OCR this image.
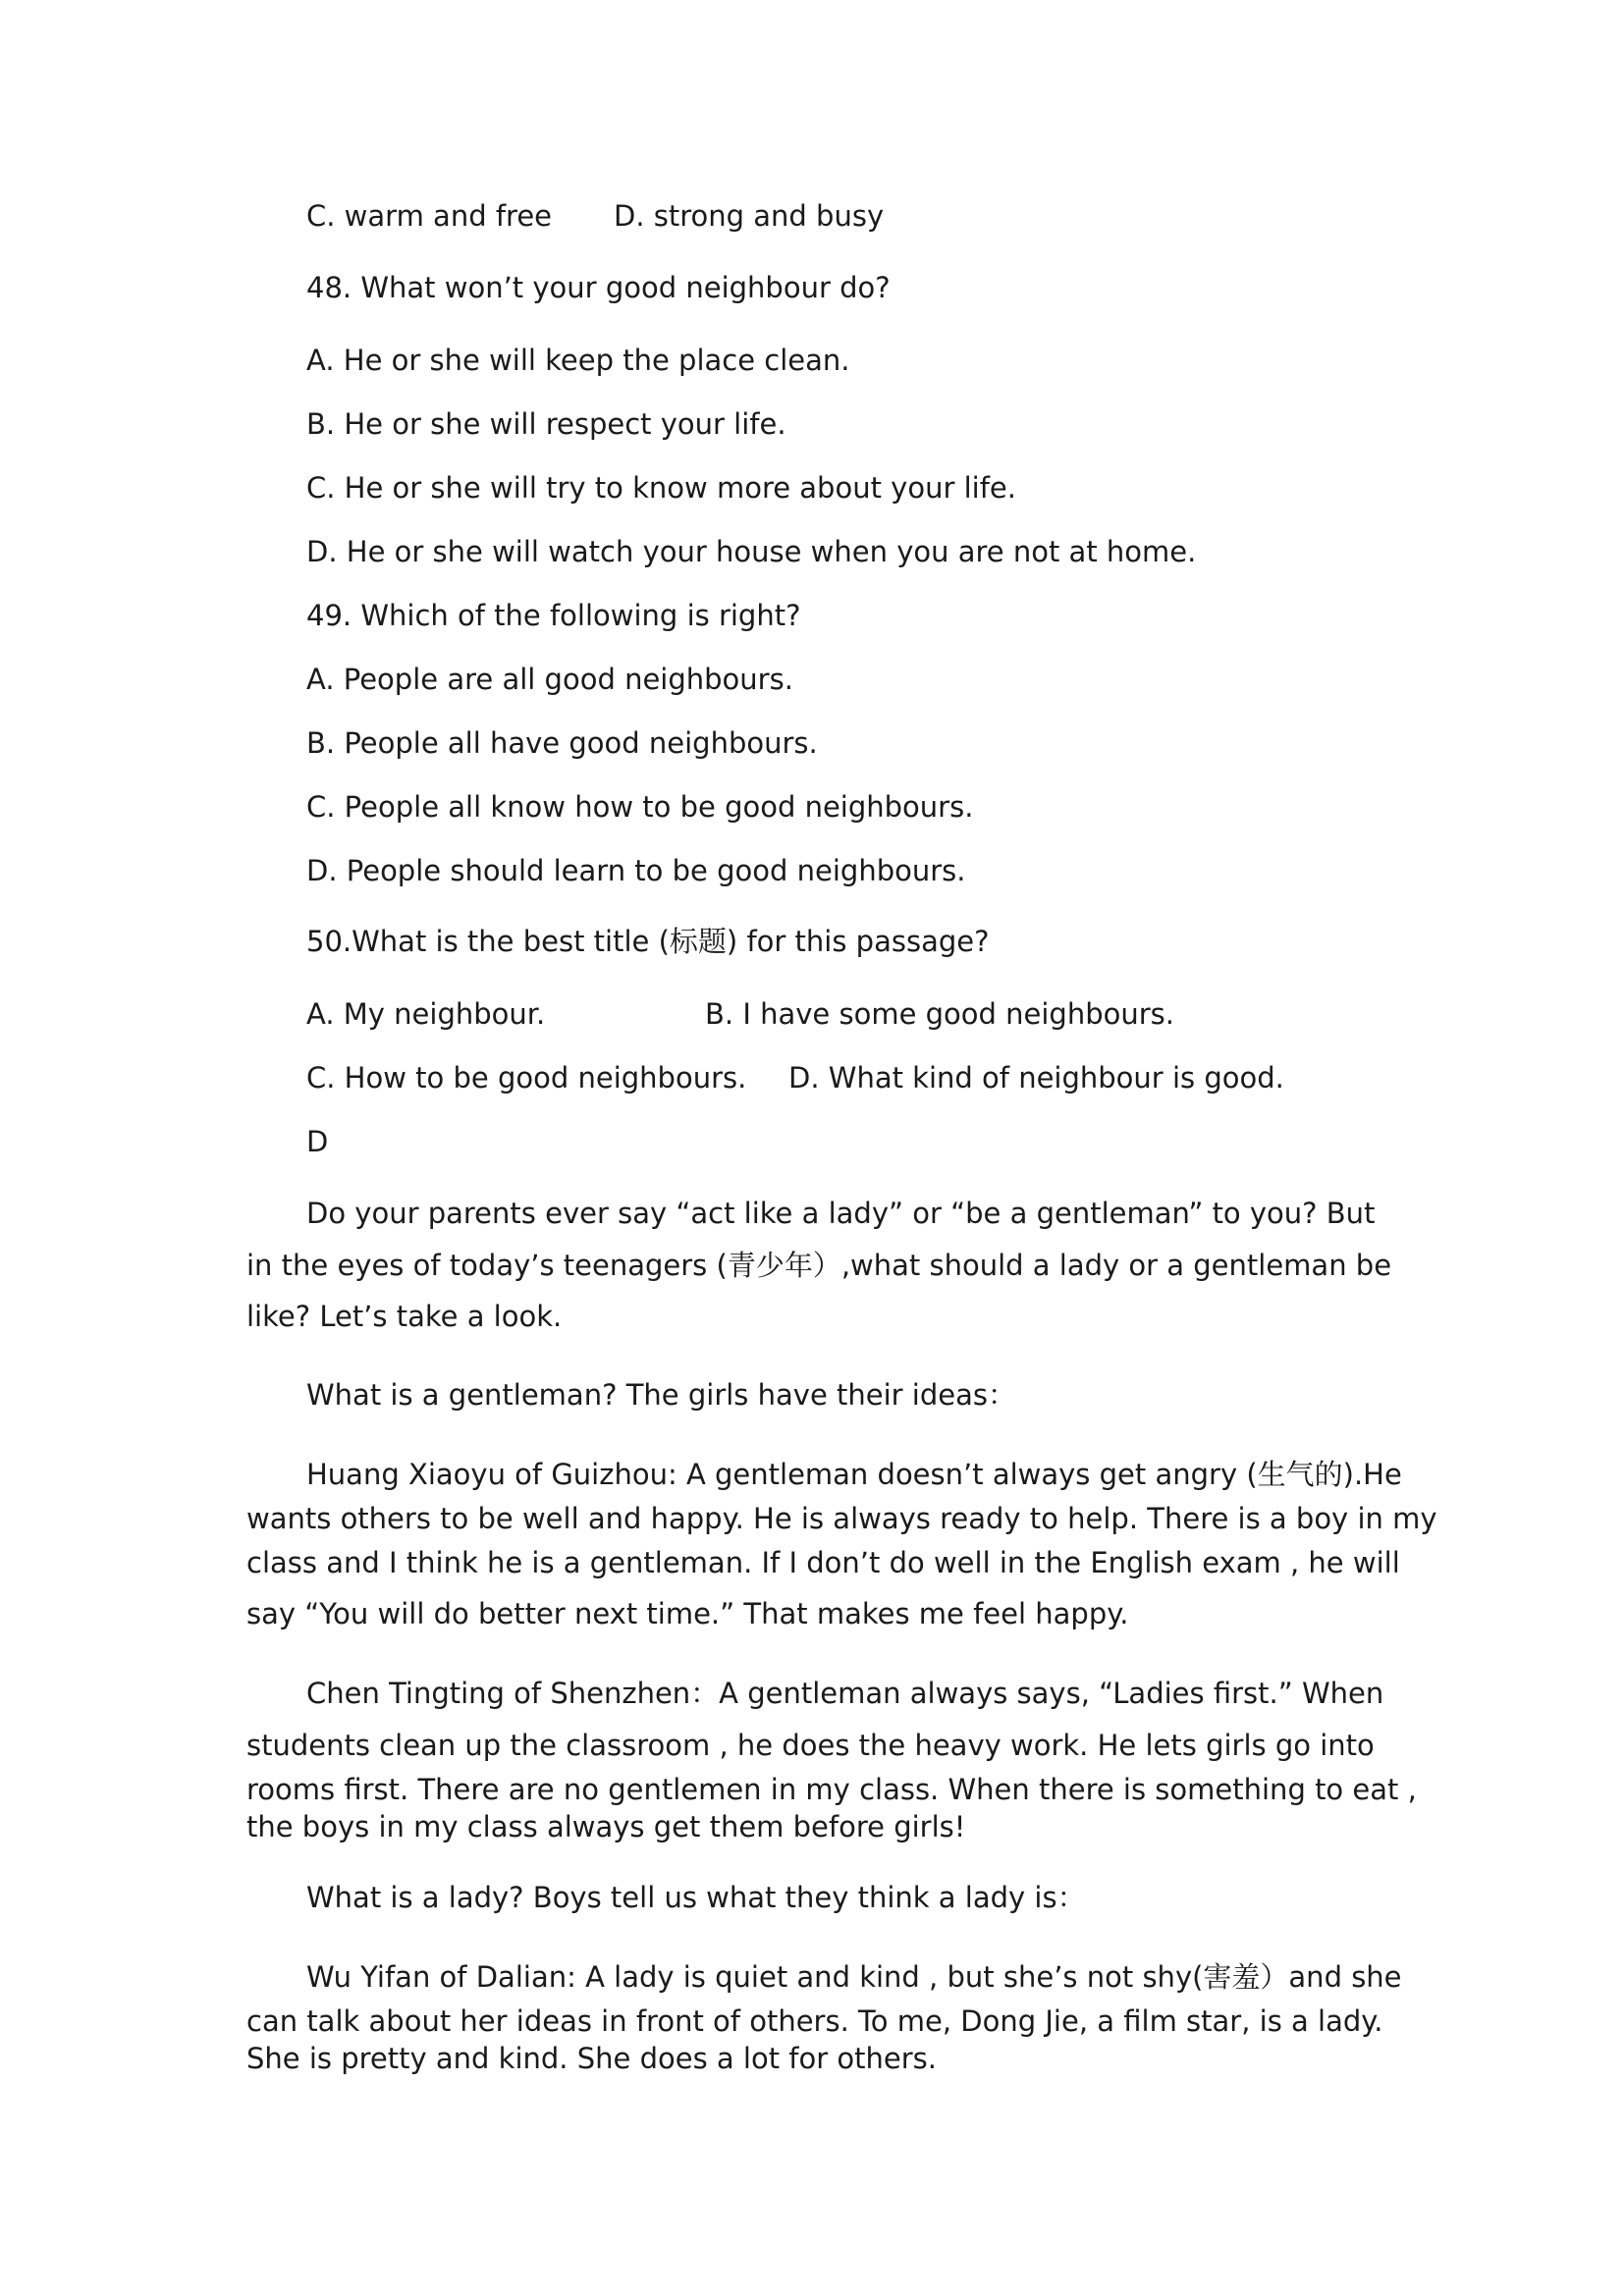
C. warm and free D. strong and busy
48. What won’t your good neighbour do?
A. He or she will keep the place clean.
B. He or she will respect your life.
C. He or she will try to know more about your life.
D. He or she will watch your house when you are not at home.
49. Which of the following is right?
A. People are all good neighbours.
B. People all have good neighbours.
C. People all know how to be good neighbours.
D. People should learn to be good neighbours.
50.What is the best title (标题) for this passage?
A. My neighbour.	B. I have some good neighbours.
C. How to be good neighbours. D. What kind of neighbour is good.
D
Do your parents ever say “act like a lady” or “be a gentleman” to you? But
in the eyes of today’s teenagers (青少年）,what should a lady or a gentleman be
like? Let’s take a look.
What is a gentleman? The girls have their ideas：
Huang Xiaoyu of Guizhou: A gentleman doesn’t always get angry (生气的).He
wants others to be well and happy. He is always ready to help. There is a boy in my
class and I think he is a gentleman. If I don’t do well in the English exam , he will
say “You will do better next time.” That makes me feel happy.
Chen Tingting of Shenzhen：A gentleman always says, “Ladies first.” When
students clean up the classroom , he does the heavy work. He lets girls go into
rooms first. There are no gentlemen in my class. When there is something to eat ,
the boys in my class always get them before girls!
What is a lady? Boys tell us what they think a lady is：
Wu Yifan of Dalian: A lady is quiet and kind , but she’s not shy(害羞）and she
can talk about her ideas in front of others. To me, Dong Jie, a film star, is a lady.
She is pretty and kind. She does a lot for others.
